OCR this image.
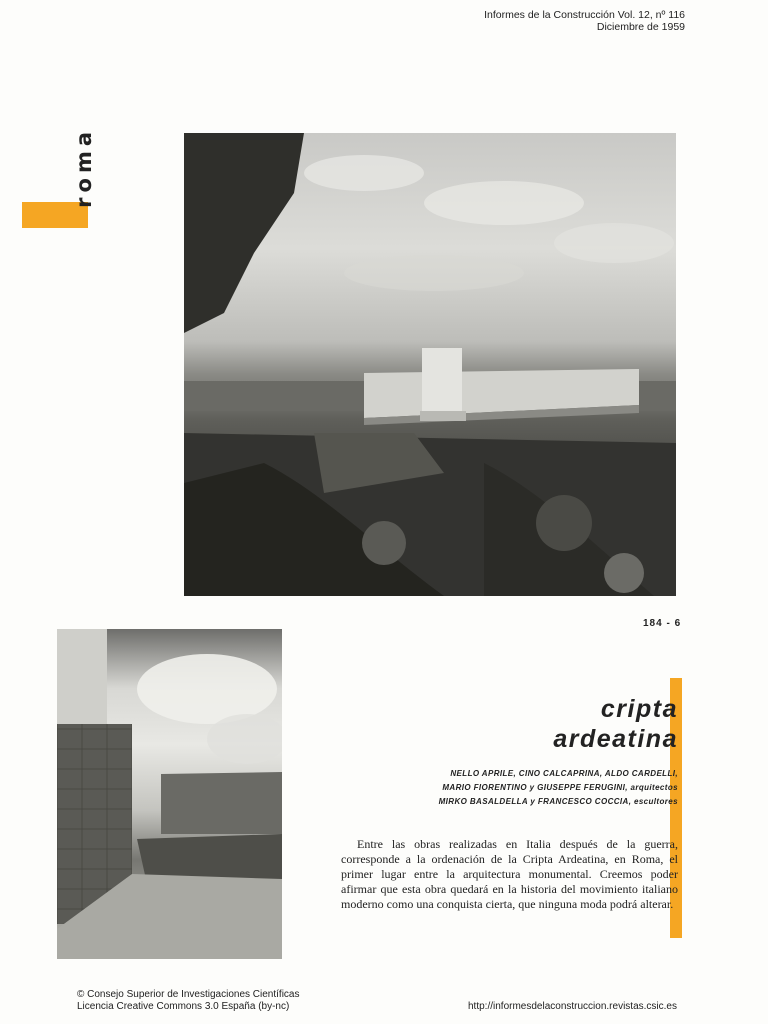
Informes de la Construcción Vol. 12, nº 116
Diciembre de 1959
roma
184 - 6
cripta
ardeatina
NELLO APRILE, CINO CALCAPRINA, ALDO CARDELLI,
MARIO FIORENTINO y GIUSEPPE FERUGINI, arquitectos
MIRKO BASALDELLA y FRANCESCO COCCIA, escultores

Entre las obras realizadas en Italia después de la guerra, corresponde a la ordenación de la Cripta Ardeatina, en Roma, el primer lugar entre la arquitectura monumental. Creemos poder afirmar que esta obra quedará en la historia del movimiento italiano moderno como una conquista cierta, que ninguna moda podrá alterar.

© Consejo Superior de Investigaciones Científicas
Licencia Creative Commons 3.0 España (by-nc)	http://informesdelaconstruccion.revistas.csic.es
